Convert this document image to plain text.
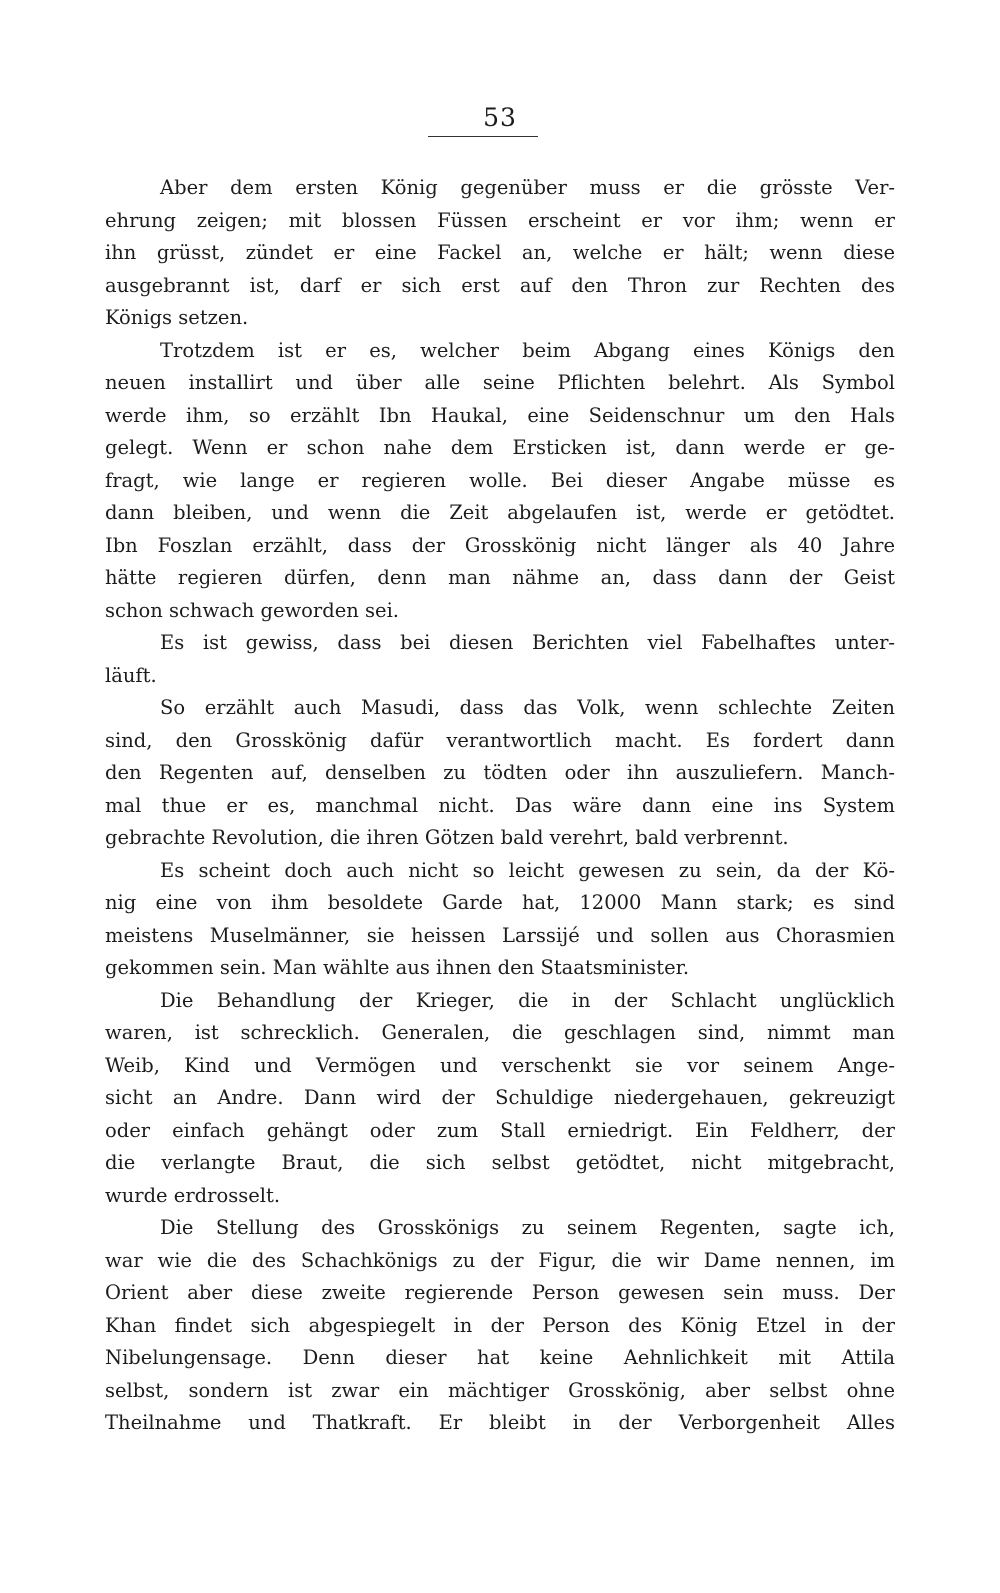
53
Aber dem ersten König gegenüber muss er die grösste Ver-
ehrung zeigen; mit blossen Füssen erscheint er vor ihm; wenn er
ihn grüsst, zündet er eine Fackel an, welche er hält; wenn diese
ausgebrannt ist, darf er sich erst auf den Thron zur Rechten des
Königs setzen.
Trotzdem ist er es, welcher beim Abgang eines Königs den
neuen installirt und über alle seine Pflichten belehrt. Als Symbol
werde ihm, so erzählt Ibn Haukal, eine Seidenschnur um den Hals
gelegt. Wenn er schon nahe dem Ersticken ist, dann werde er ge-
fragt, wie lange er regieren wolle. Bei dieser Angabe müsse es
dann bleiben, und wenn die Zeit abgelaufen ist, werde er getödtet.
Ibn Foszlan erzählt, dass der Grosskönig nicht länger als 40 Jahre
hätte regieren dürfen, denn man nähme an, dass dann der Geist
schon schwach geworden sei.
Es ist gewiss, dass bei diesen Berichten viel Fabelhaftes unter-
läuft.
So erzählt auch Masudi, dass das Volk, wenn schlechte Zeiten
sind, den Grosskönig dafür verantwortlich macht. Es fordert dann
den Regenten auf, denselben zu tödten oder ihn auszuliefern. Manch-
mal thue er es, manchmal nicht. Das wäre dann eine ins System
gebrachte Revolution, die ihren Götzen bald verehrt, bald verbrennt.
Es scheint doch auch nicht so leicht gewesen zu sein, da der Kö-
nig eine von ihm besoldete Garde hat, 12000 Mann stark; es sind
meistens Muselmänner, sie heissen Larssijé und sollen aus Chorasmien
gekommen sein. Man wählte aus ihnen den Staatsminister.
Die Behandlung der Krieger, die in der Schlacht unglücklich
waren, ist schrecklich. Generalen, die geschlagen sind, nimmt man
Weib, Kind und Vermögen und verschenkt sie vor seinem Ange-
sicht an Andre. Dann wird der Schuldige niedergehauen, gekreuzigt
oder einfach gehängt oder zum Stall erniedrigt. Ein Feldherr, der
die verlangte Braut, die sich selbst getödtet, nicht mitgebracht,
wurde erdrosselt.
Die Stellung des Grosskönigs zu seinem Regenten, sagte ich,
war wie die des Schachkönigs zu der Figur, die wir Dame nennen, im
Orient aber diese zweite regierende Person gewesen sein muss. Der
Khan findet sich abgespiegelt in der Person des König Etzel in der
Nibelungensage. Denn dieser hat keine Aehnlichkeit mit Attila
selbst, sondern ist zwar ein mächtiger Grosskönig, aber selbst ohne
Theilnahme und Thatkraft. Er bleibt in der Verborgenheit Alles
